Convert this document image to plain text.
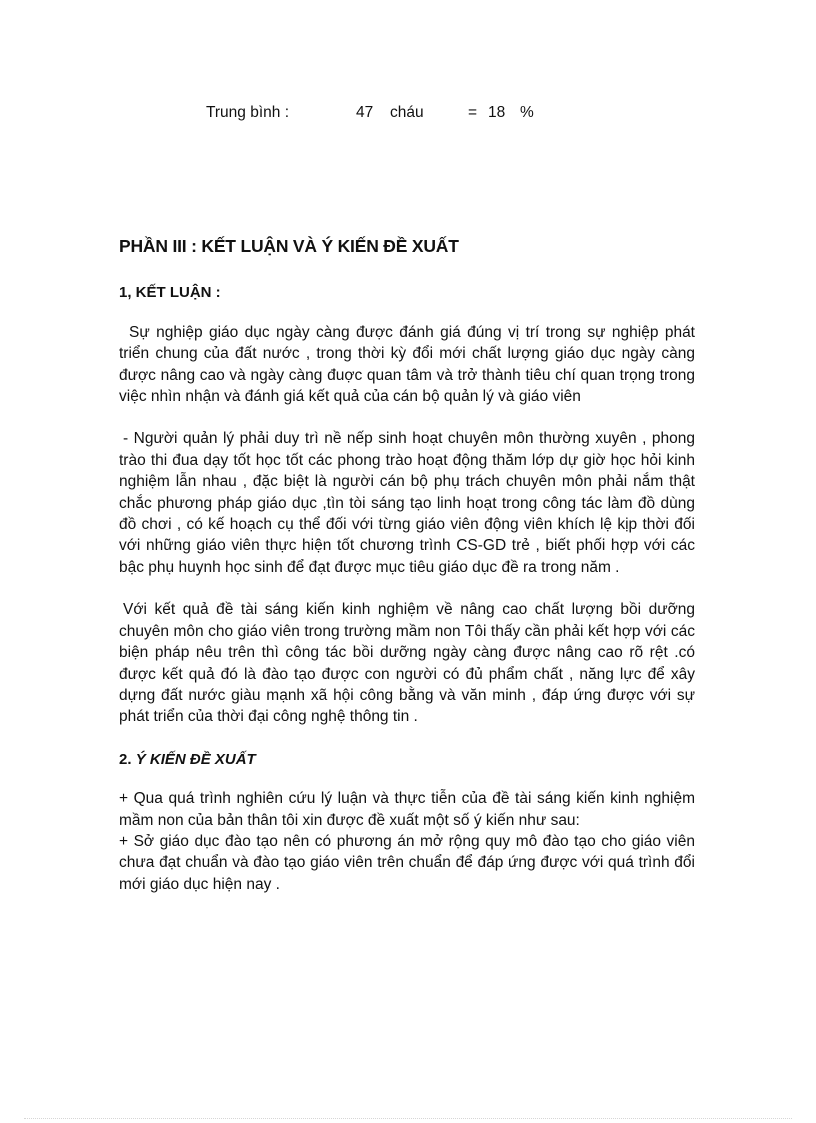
Trung bình :	47 cháu	= 18 %
PHẦN III : KẾT LUẬN VÀ Ý KIẾN ĐỀ XUẤT
1, KẾT LUẬN :

Sự nghiệp giáo dục ngày càng được đánh giá đúng vị trí trong sự nghiệp phát triển chung của đất nước , trong thời kỳ đổi mới chất lượng giáo dục ngày càng được nâng cao và ngày càng đuợc quan tâm và trở thành tiêu chí quan trọng trong việc nhìn nhận và đánh giá kết quả của cán bộ quản lý và giáo viên

- Người quản lý phải duy trì nề nếp sinh hoạt chuyên môn thường xuyên , phong trào thi đua dạy tốt học tốt các phong trào hoạt động thăm lớp dự giờ học hỏi kinh nghiệm lẫn nhau , đặc biệt là người cán bộ phụ trách chuyên môn phải nắm thật chắc phương pháp giáo dục ,tìn tòi sáng tạo linh hoạt trong công tác làm đồ dùng đồ chơi , có kế hoạch cụ thể đối với từng giáo viên động viên khích lệ kịp thời đối với những giáo viên thực hiện tốt chương trình CS-GD trẻ , biết phối hợp với các bậc phụ huynh học sinh để đạt được mục tiêu giáo dục đề ra trong năm .

Với kết quả đề tài sáng kiến kinh nghiệm về nâng cao chất lượng bồi dưỡng chuyên môn cho giáo viên trong trường mầm non Tôi thấy cần phải kết hợp với các biện pháp nêu trên thì công tác bồi dưỡng ngày càng được nâng cao rõ rệt .có được kết quả đó là đào tạo được con người có đủ phẩm chất , năng lực để xây dựng đất nước giàu mạnh xã hội công bằng và văn minh , đáp ứng được với sự phát triển của thời đại công nghệ thông tin .

2. Ý KIẾN ĐỀ XUẤT

+ Qua quá trình nghiên cứu lý luận và thực tiễn của đề tài sáng kiến kinh nghiệm mầm non của bản thân tôi xin được đề xuất một số ý kiến như sau:

+ Sở giáo dục đào tạo nên có phương án mở rộng quy mô đào tạo cho giáo viên chưa đạt chuẩn và đào tạo giáo viên trên chuẩn để đáp ứng được với quá trình đổi mới giáo dục hiện nay .
